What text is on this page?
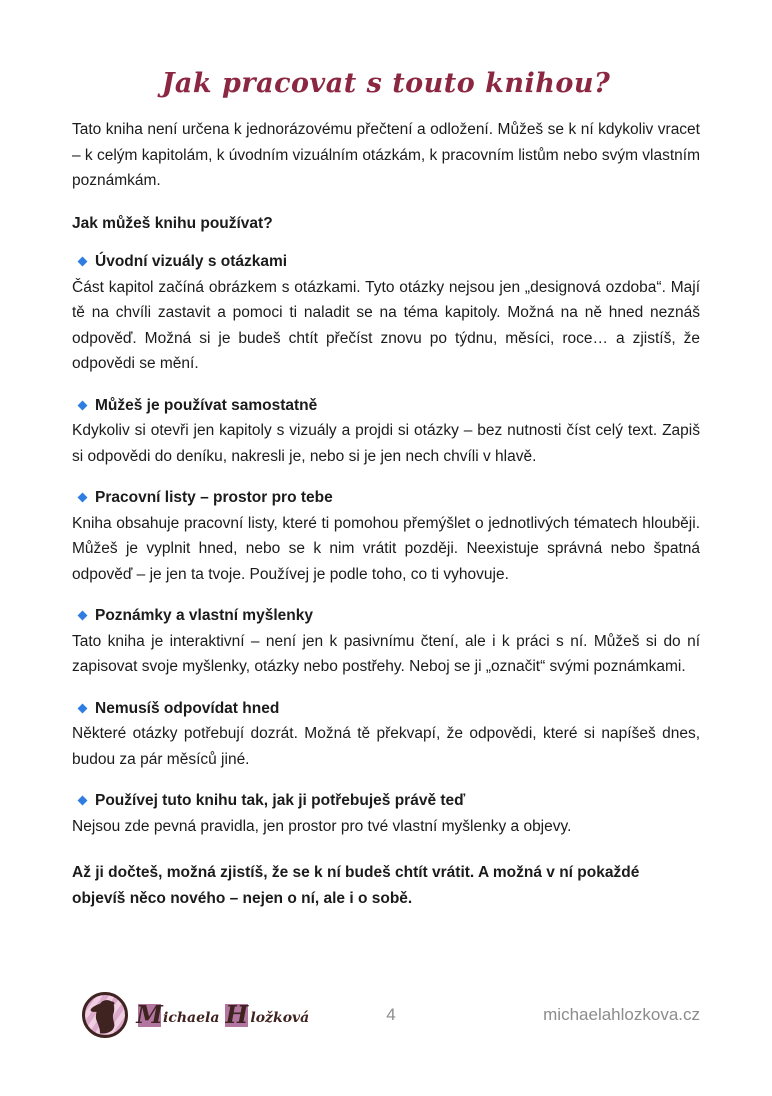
Jak pracovat s touto knihou?

Tato kniha není určena k jednorázovému přečtení a odložení. Můžeš se k ní kdykoliv vracet – k celým kapitolám, k úvodním vizuálním otázkám, k pracovním listům nebo svým vlastním poznámkám.

Jak můžeš knihu používat?
Úvodní vizuály s otázkami

Část kapitol začíná obrázkem s otázkami. Tyto otázky nejsou jen „designová ozdoba“. Mají tě na chvíli zastavit a pomoci ti naladit se na téma kapitoly. Možná na ně hned neznáš odpověď. Možná si je budeš chtít přečíst znovu po týdnu, měsíci, roce… a zjistíš, že odpovědi se mění.

Můžeš je používat samostatně

Kdykoliv si otevři jen kapitoly s vizuály a projdi si otázky – bez nutnosti číst celý text. Zapiš si odpovědi do deníku, nakresli je, nebo si je jen nech chvíli v hlavě.

Pracovní listy – prostor pro tebe

Kniha obsahuje pracovní listy, které ti pomohou přemýšlet o jednotlivých tématech hlouběji. Můžeš je vyplnit hned, nebo se k nim vrátit později. Neexistuje správná nebo špatná odpověď – je jen ta tvoje. Používej je podle toho, co ti vyhovuje.

Poznámky a vlastní myšlenky

Tato kniha je interaktivní – není jen k pasivnímu čtení, ale i k práci s ní. Můžeš si do ní zapisovat svoje myšlenky, otázky nebo postřehy. Neboj se ji „označit“ svými poznámkami.

Nemusíš odpovídat hned

Některé otázky potřebují dozrát. Možná tě překvapí, že odpovědi, které si napíšeš dnes, budou za pár měsíců jiné.

Používej tuto knihu tak, jak ji potřebuješ právě teď

Nejsou zde pevná pravidla, jen prostor pro tvé vlastní myšlenky a objevy.

Až ji dočteš, možná zjistíš, že se k ní budeš chtít vrátit. A možná v ní pokaždé objevíš něco nového – nejen o ní, ale i o sobě.

M ichaela H ložková	4	michaelahlozkova.cz
